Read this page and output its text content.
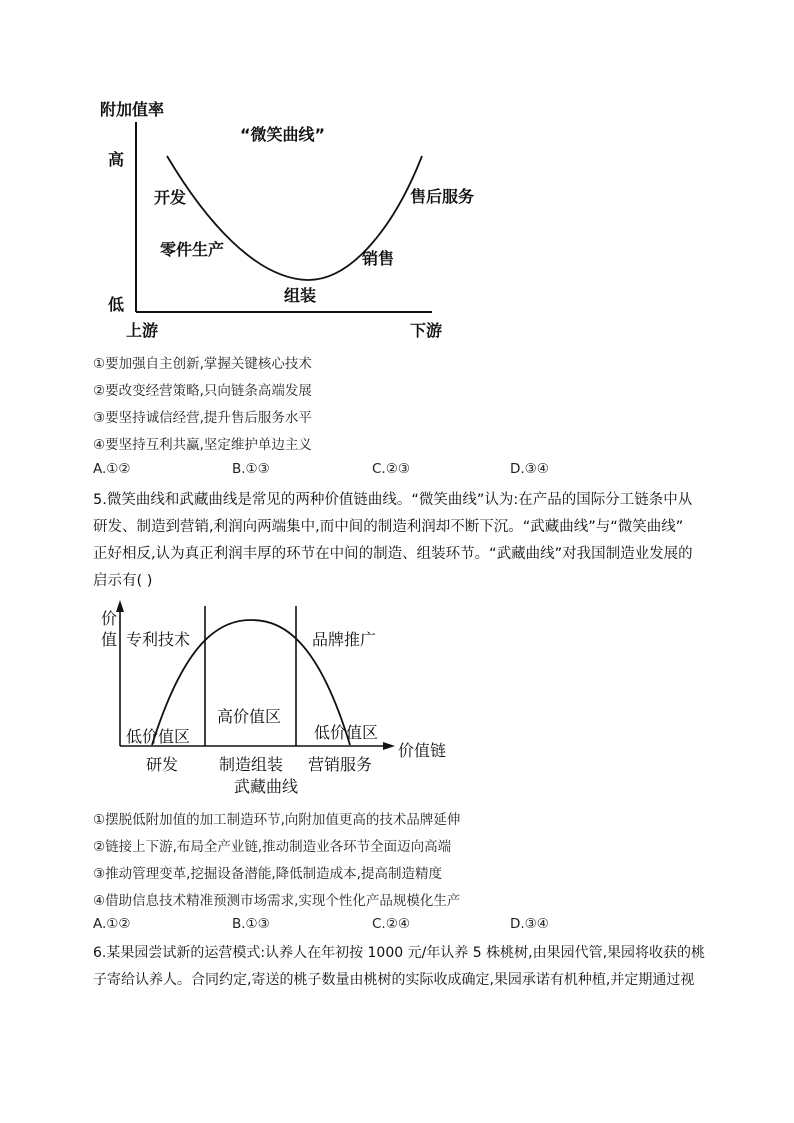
附加值率
“微笑曲线”
高
低
上游	下游
开发
零件生产
组装
销售
售后服务
①要加强自主创新,掌握关键核心技术
②要改变经营策略,只向链条高端发展
③要坚持诚信经营,提升售后服务水平
④要坚持互利共赢,坚定维护单边主义
A.①②	B.①③	C.②③	D.③④
5.微笑曲线和武藏曲线是常见的两种价值链曲线。“微笑曲线”认为:在产品的国际分工链条中从
研发、制造到营销,利润向两端集中,而中间的制造利润却不断下沉。“武藏曲线”与“微笑曲线”
正好相反,认为真正利润丰厚的环节在中间的制造、组装环节。“武藏曲线”对我国制造业发展的
启示有( )
价
值 专利技术	品牌推广
高价值区
低价值区	低价值区
价值链
研发	制造组装 营销服务
武藏曲线
①摆脱低附加值的加工制造环节,向附加值更高的技术品牌延伸
②链接上下游,布局全产业链,推动制造业各环节全面迈向高端
③推动管理变革,挖掘设备潜能,降低制造成本,提高制造精度
④借助信息技术精准预测市场需求,实现个性化产品规模化生产
A.①②	B.①③	C.②④	D.③④
6.某果园尝试新的运营模式:认养人在年初按 1000 元/年认养 5 株桃树,由果园代管,果园将收获的桃
子寄给认养人。合同约定,寄送的桃子数量由桃树的实际收成确定,果园承诺有机种植,并定期通过视
